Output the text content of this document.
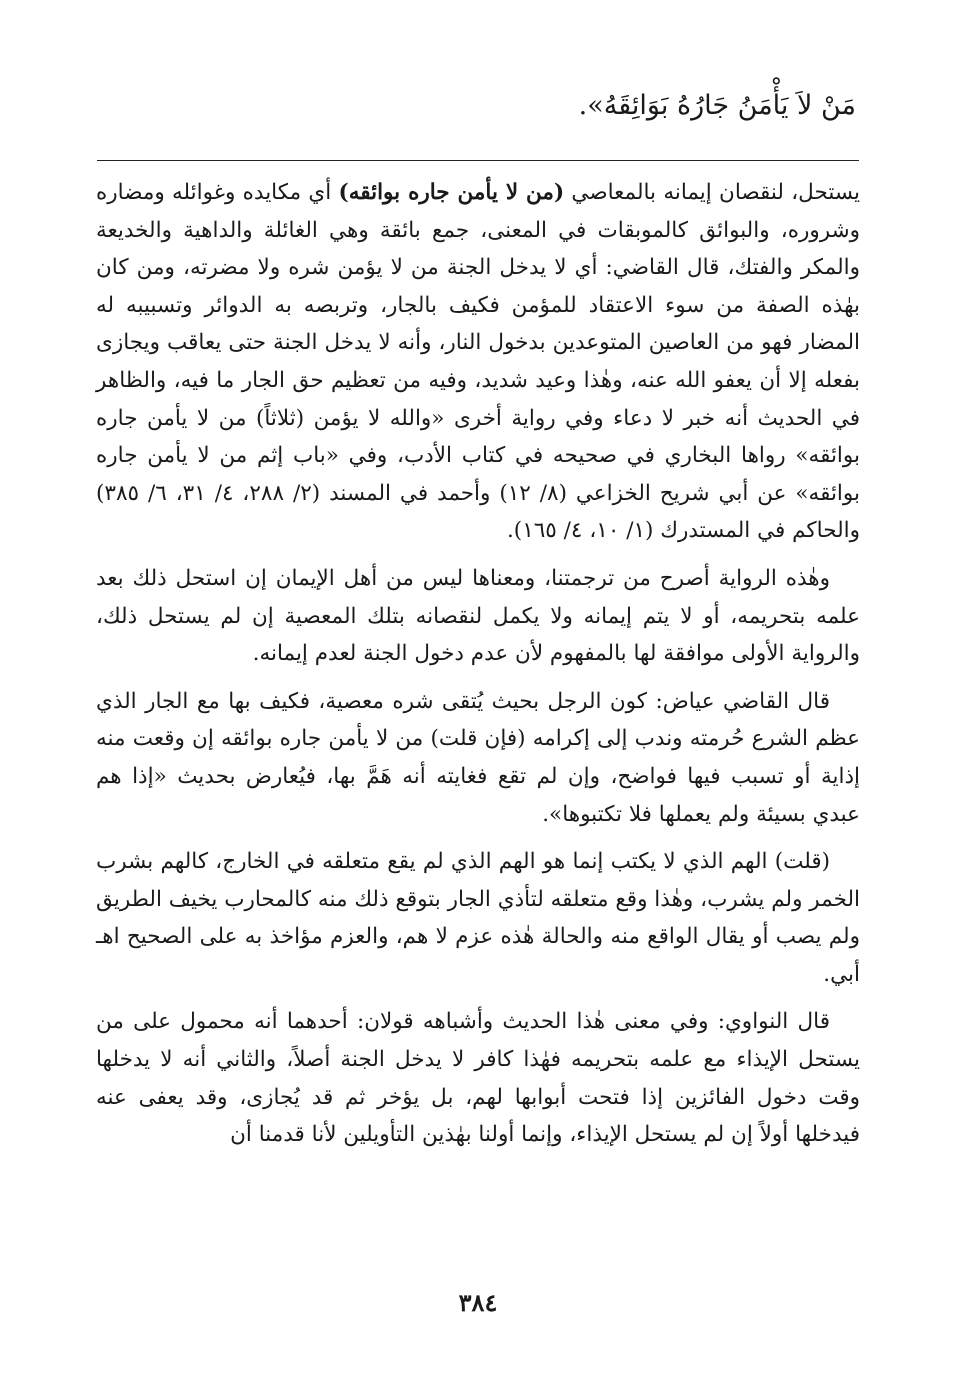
مَنْ لاَ يَأْمَنُ جَارُهُ بَوَائِقَهُ».

يستحل، لنقصان إيمانه بالمعاصي (من لا يأمن جاره بوائقه) أي مكايده وغوائله ومضاره وشروره، والبوائق كالموبقات في المعنى، جمع بائقة وهي الغائلة والداهية والخديعة والمكر والفتك، قال القاضي: أي لا يدخل الجنة من لا يؤمن شره ولا مضرته، ومن كان بهٰذه الصفة من سوء الاعتقاد للمؤمن فكيف بالجار، وتربصه به الدوائر وتسبيبه له المضار فهو من العاصين المتوعدين بدخول النار، وأنه لا يدخل الجنة حتى يعاقب ويجازى بفعله إلا أن يعفو الله عنه، وهٰذا وعيد شديد، وفيه من تعظيم حق الجار ما فيه، والظاهر في الحديث أنه خبر لا دعاء وفي رواية أخرى «والله لا يؤمن (ثلاثاً) من لا يأمن جاره بوائقه» رواها البخاري في صحيحه في كتاب الأدب، وفي «باب إثم من لا يأمن جاره بوائقه» عن أبي شريح الخزاعي (٨/ ١٢) وأحمد في المسند (٢/ ٢٨٨، ٤/ ٣١، ٦/ ٣٨٥) والحاكم في المستدرك (١/ ١٠، ٤/ ١٦٥).

وهٰذه الرواية أصرح من ترجمتنا، ومعناها ليس من أهل الإيمان إن استحل ذلك بعد علمه بتحريمه، أو لا يتم إيمانه ولا يكمل لنقصانه بتلك المعصية إن لم يستحل ذلك، والرواية الأولى موافقة لها بالمفهوم لأن عدم دخول الجنة لعدم إيمانه.

قال القاضي عياض: كون الرجل بحيث يُتقى شره معصية، فكيف بها مع الجار الذي عظم الشرع حُرمته وندب إلى إكرامه (فإن قلت) من لا يأمن جاره بوائقه إن وقعت منه إذاية أو تسبب فيها فواضح، وإن لم تقع فغايته أنه هَمَّ بها، فيُعارض بحديث «إذا هم عبدي بسيئة ولم يعملها فلا تكتبوها».

(قلت) الهم الذي لا يكتب إنما هو الهم الذي لم يقع متعلقه في الخارج، كالهم بشرب الخمر ولم يشرب، وهٰذا وقع متعلقه لتأذي الجار بتوقع ذلك منه كالمحارب يخيف الطريق ولم يصب أو يقال الواقع منه والحالة هٰذه عزم لا هم، والعزم مؤاخذ به على الصحيح اهـ أبي.

قال النواوي: وفي معنى هٰذا الحديث وأشباهه قولان: أحدهما أنه محمول على من يستحل الإيذاء مع علمه بتحريمه فهٰذا كافر لا يدخل الجنة أصلاً، والثاني أنه لا يدخلها وقت دخول الفائزين إذا فتحت أبوابها لهم، بل يؤخر ثم قد يُجازى، وقد يعفى عنه فيدخلها أولاً إن لم يستحل الإيذاء، وإنما أولنا بهٰذين التأويلين لأنا قدمنا أن

٣٨٤
